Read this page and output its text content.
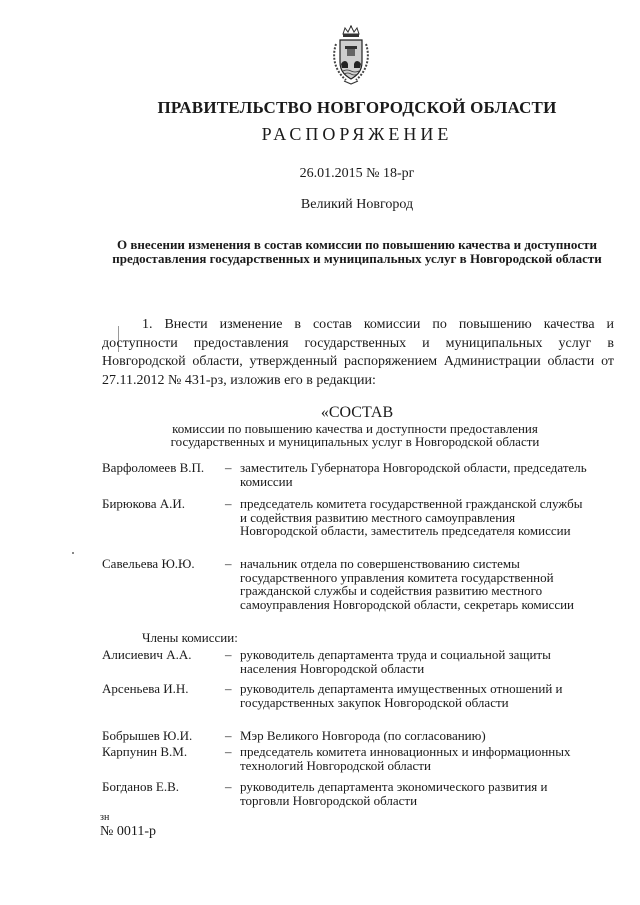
ПРАВИТЕЛЬСТВО НОВГОРОДСКОЙ ОБЛАСТИ
РАСПОРЯЖЕНИЕ
26.01.2015 № 18-рг
Великий Новгород
О внесении изменения в состав комиссии по повышению качества и доступности предоставления государственных и муниципальных услуг в Новгородской области
1. Внести изменение в состав комиссии по повышению качества и доступности предоставления государственных и муниципальных услуг в Новгородской области, утвержденный распоряжением Администрации области от 27.11.2012 № 431-рз, изложив его в редакции:
«СОСТАВ
комиссии по повышению качества и доступности предоставления государственных и муниципальных услуг в Новгородской области
Варфоломеев В.П.	– заместитель Губернатора Новгородской области, председатель комиссии
Бирюкова А.И.	– председатель комитета государственной гражданской службы и содействия развитию местного самоуправления Новгородской области, заместитель председателя комиссии
Савельева Ю.Ю.	– начальник отдела по совершенствованию системы государственного управления комитета государственной гражданской службы и содействия развитию местного самоуправления Новгородской области, секретарь комиссии
Члены комиссии:
Алисиевич А.А.	– руководитель департамента труда и социальной защиты населения Новгородской области
Арсеньева И.Н.	– руководитель департамента имущественных отношений и государственных закупок Новгородской области
Бобрышев Ю.И.	– Мэр Великого Новгорода (по согласованию)
Карпунин В.М.	– председатель комитета инновационных и информационных технологий Новгородской области
Богданов Е.В.	– руководитель департамента экономического развития и торговли Новгородской области
зн
№ 0011-р
